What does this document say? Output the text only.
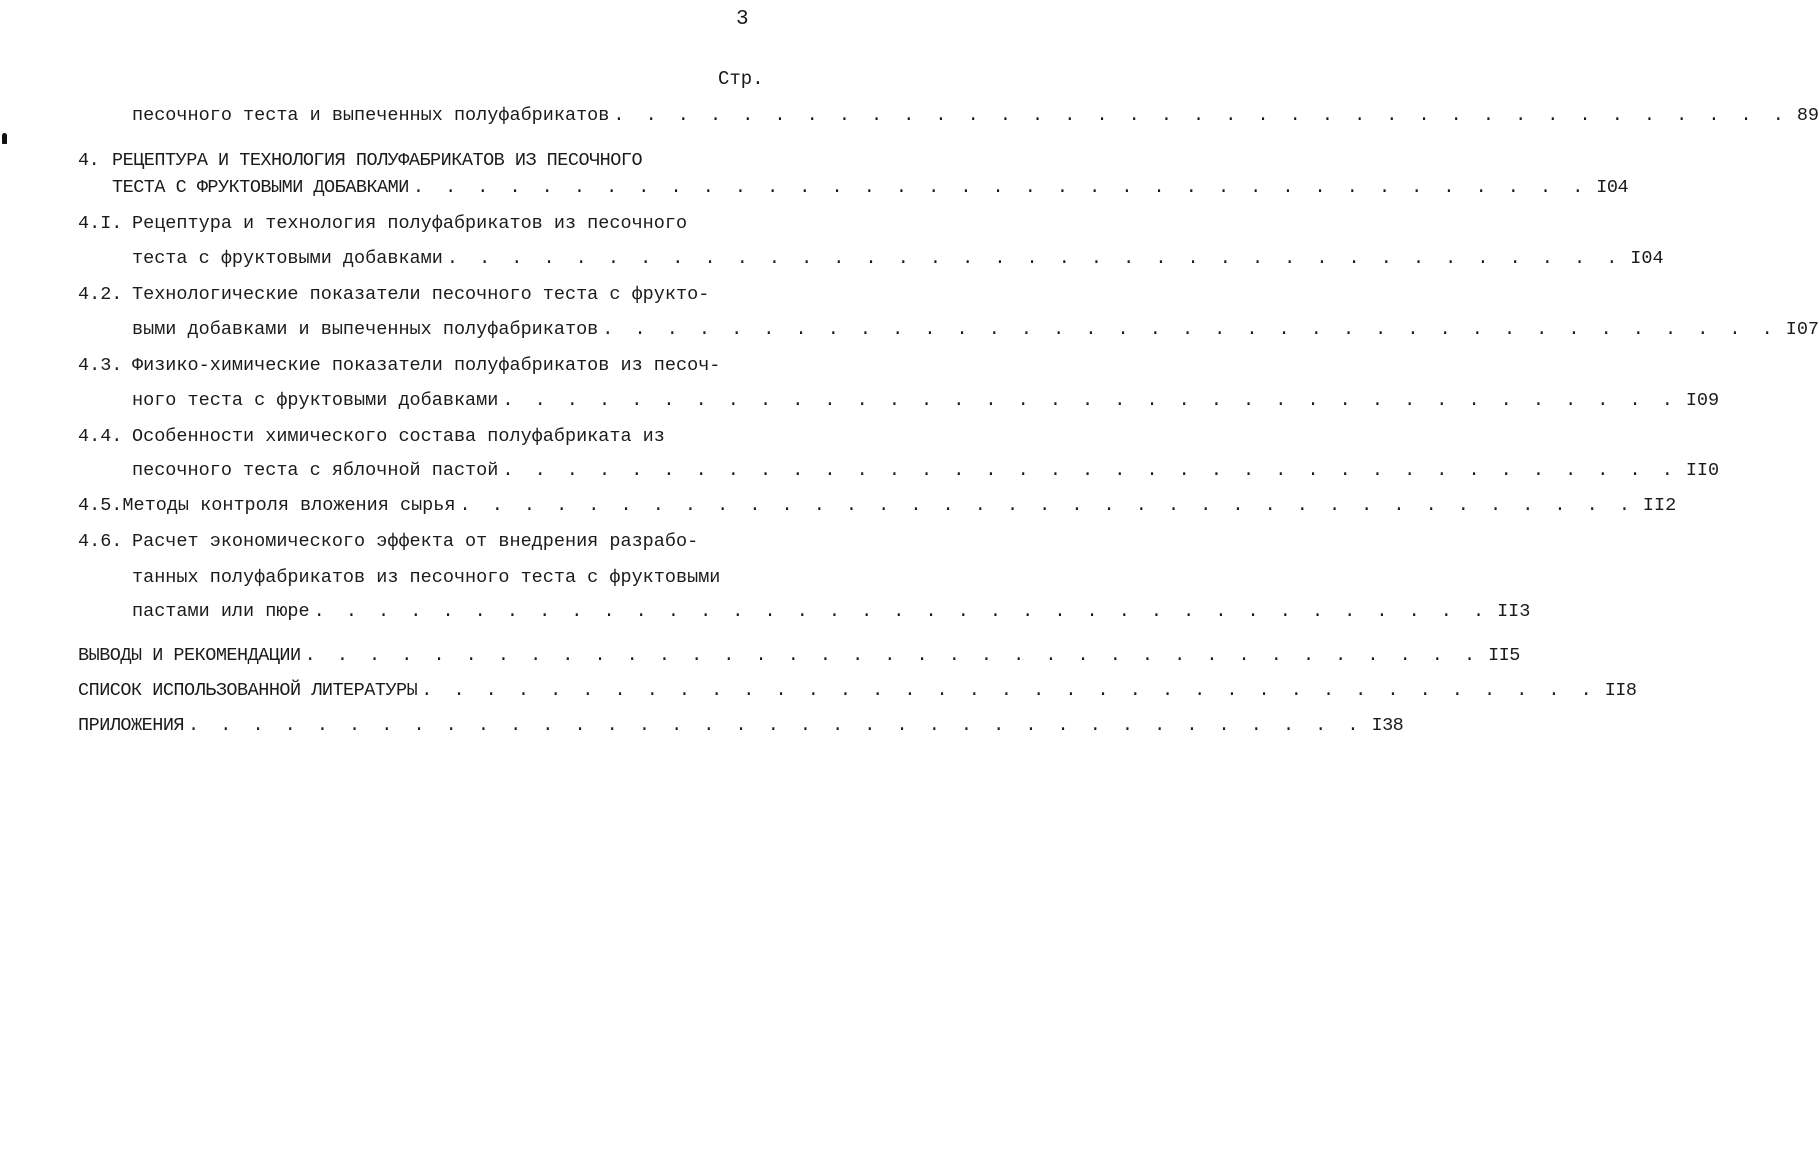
3
Стр.
песочного теста и выпеченных полуфабрикатов . . . . . . . . . . . . . . . . . . . . . . . . . . . . . . . . . . . . . 89
4. РЕЦЕПТУРА И ТЕХНОЛОГИЯ ПОЛУФАБРИКАТОВ ИЗ ПЕСОЧНОГО
ТЕСТА С ФРУКТОВЫМИ ДОБАВКАМИ . . . . . . . . . . . . . . . . . . . . . . . . . . . . . . . . . . . . . I04
4.I. Рецептура и технология полуфабрикатов из песочного
теста с фруктовыми добавками . . . . . . . . . . . . . . . . . . . . . . . . . . . . . . . . . . . . . I04
4.2. Технологические показатели песочного теста с фрукто-
выми добавками и выпеченных полуфабрикатов . . . . . . . . . . . . . . . . . . . . . . . . . . . . . . . . . . . . . I07
4.3. Физико-химические показатели полуфабрикатов из песоч-
ного теста с фруктовыми добавками . . . . . . . . . . . . . . . . . . . . . . . . . . . . . . . . . . . . . I09
4.4. Особенности химического состава полуфабриката из
песочного теста с яблочной пастой . . . . . . . . . . . . . . . . . . . . . . . . . . . . . . . . . . . . . II0
4.5. Методы контроля вложения сырья . . . . . . . . . . . . . . . . . . . . . . . . . . . . . . . . . . . . . II2
4.6. Расчет экономического эффекта от внедрения разрабо-
танных полуфабрикатов из песочного теста с фруктовыми
пастами или пюре . . . . . . . . . . . . . . . . . . . . . . . . . . . . . . . . . . . . . II3
ВЫВОДЫ И РЕКОМЕНДАЦИИ . . . . . . . . . . . . . . . . . . . . . . . . . . . . . . . . . . . . . II5
СПИСОК ИСПОЛЬЗОВАННОЙ ЛИТЕРАТУРЫ . . . . . . . . . . . . . . . . . . . . . . . . . . . . . . . . . . . . . II8
ПРИЛОЖЕНИЯ . . . . . . . . . . . . . . . . . . . . . . . . . . . . . . . . . . . . . I38
